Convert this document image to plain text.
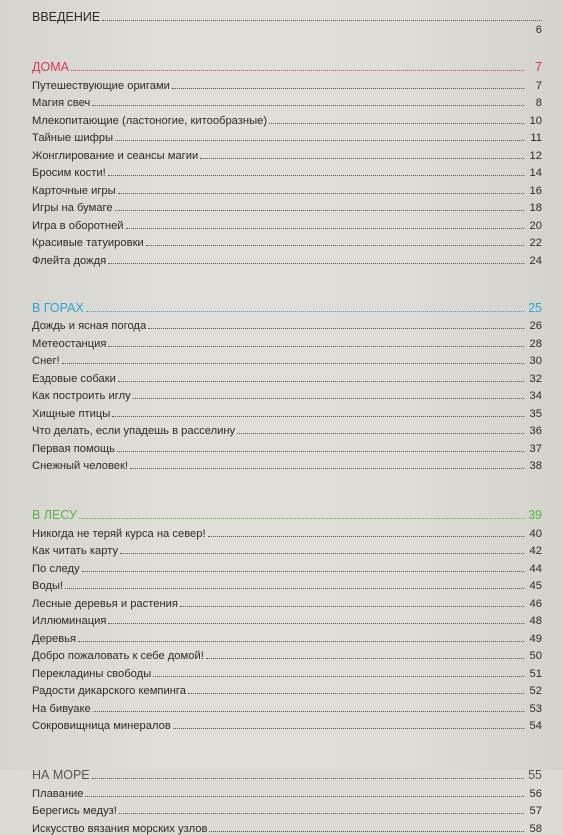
ВВЕДЕНИЕ
6
ДОМА	7
Путешествующие оригами	7
Магия свеч	8
Млекопитающие (ластоногие, китообразные)	10
Тайные шифры	11
Жонглирование и сеансы магии	12
Бросим кости!	14
Карточные игры	16
Игры на бумаге	18
Игра в оборотней	20
Красивые татуировки	22
Флейта дождя	24
В ГОРАХ	25
Дождь и ясная погода	26
Метеостанция	28
Снег!	30
Ездовые собаки	32
Как построить иглу	34
Хищные птицы	35
Что делать, если упадешь в расселину	36
Первая помощь	37
Снежный человек!	38
В ЛЕСУ	39
Никогда не теряй курса на север!	40
Как читать карту	42
По следу	44
Воды!	45
Лесные деревья и растения	46
Иллюминация	48
Деревья	49
Добро пожаловать к себе домой!	50
Перекладины свободы	51
Радости дикарского кемпинга	52
На бивуаке	53
Сокровищница минералов	54
НА МОРЕ	55
Плавание	56
Берегись медуз!	57
Искусство вязания морских узлов	58
